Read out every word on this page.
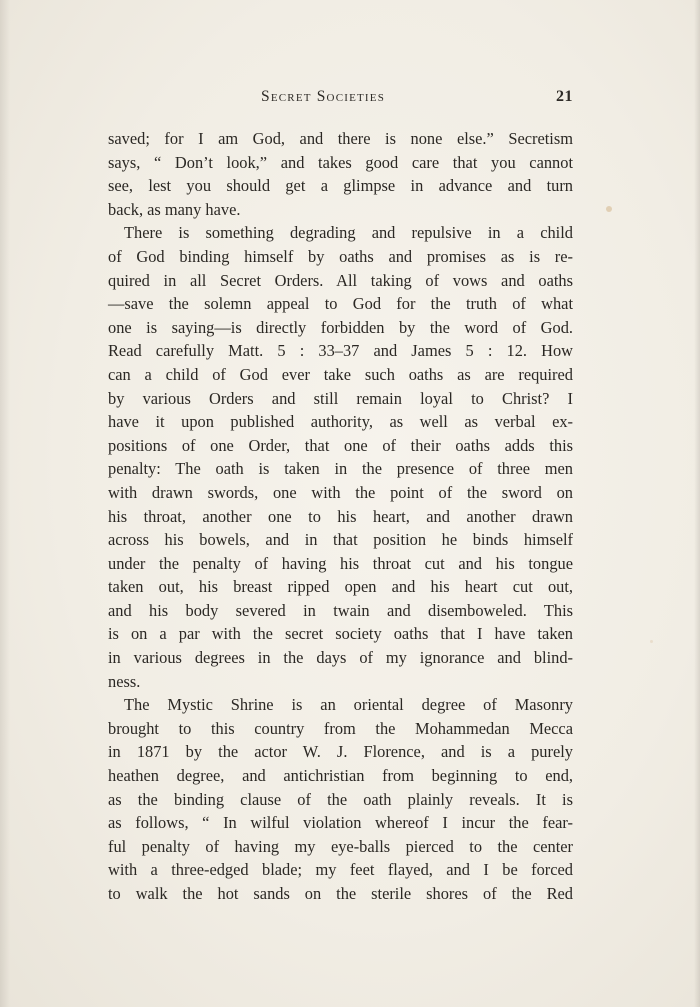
Secret Societies	21
saved; for I am God, and there is none else.” Secretism
says, “ Don’t look,” and takes good care that you cannot
see, lest you should get a glimpse in advance and turn
back, as many have.
There is something degrading and repulsive in a child
of God binding himself by oaths and promises as is re-
quired in all Secret Orders. All taking of vows and oaths
—save the solemn appeal to God for the truth of what
one is saying—is directly forbidden by the word of God.
Read carefully Matt. 5 : 33–37 and James 5 : 12. How
can a child of God ever take such oaths as are required
by various Orders and still remain loyal to Christ? I
have it upon published authority, as well as verbal ex-
positions of one Order, that one of their oaths adds this
penalty: The oath is taken in the presence of three men
with drawn swords, one with the point of the sword on
his throat, another one to his heart, and another drawn
across his bowels, and in that position he binds himself
under the penalty of having his throat cut and his tongue
taken out, his breast ripped open and his heart cut out,
and his body severed in twain and disemboweled. This
is on a par with the secret society oaths that I have taken
in various degrees in the days of my ignorance and blind-
ness.
The Mystic Shrine is an oriental degree of Masonry
brought to this country from the Mohammedan Mecca
in 1871 by the actor W. J. Florence, and is a purely
heathen degree, and antichristian from beginning to end,
as the binding clause of the oath plainly reveals. It is
as follows, “ In wilful violation whereof I incur the fear-
ful penalty of having my eye-balls pierced to the center
with a three-edged blade; my feet flayed, and I be forced
to walk the hot sands on the sterile shores of the Red
